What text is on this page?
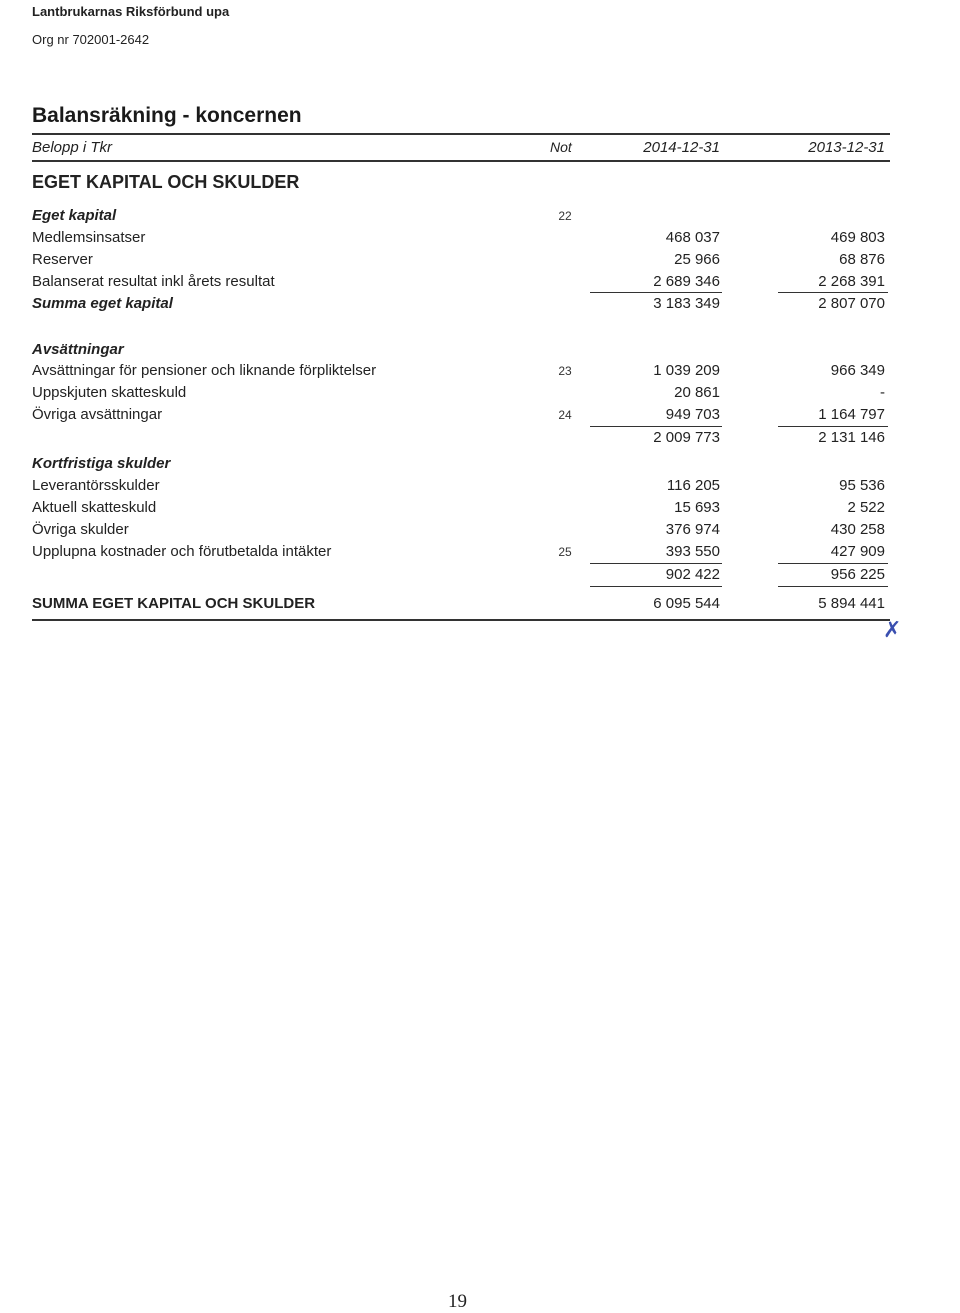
Lantbrukarnas Riksförbund upa
Org nr 702001-2642
Balansräkning - koncernen
Belopp i Tkr	Not	2014-12-31	2013-12-31
EGET KAPITAL OCH SKULDER
Eget kapital	22
Medlemsinsatser	468 037	469 803
Reserver	25 966	68 876
Balanserat resultat inkl årets resultat	2 689 346	2 268 391
Summa eget kapital	3 183 349	2 807 070
Avsättningar
Avsättningar för pensioner och liknande förpliktelser	23	1 039 209	966 349
Uppskjuten skatteskuld	20 861	-
Övriga avsättningar	24	949 703	1 164 797
2 009 773	2 131 146
Kortfristiga skulder
Leverantörsskulder	116 205	95 536
Aktuell skatteskuld	15 693	2 522
Övriga skulder	376 974	430 258
Upplupna kostnader och förutbetalda intäkter	25	393 550	427 909
902 422	956 225
SUMMA EGET KAPITAL OCH SKULDER	6 095 544	5 894 441
✗
19
